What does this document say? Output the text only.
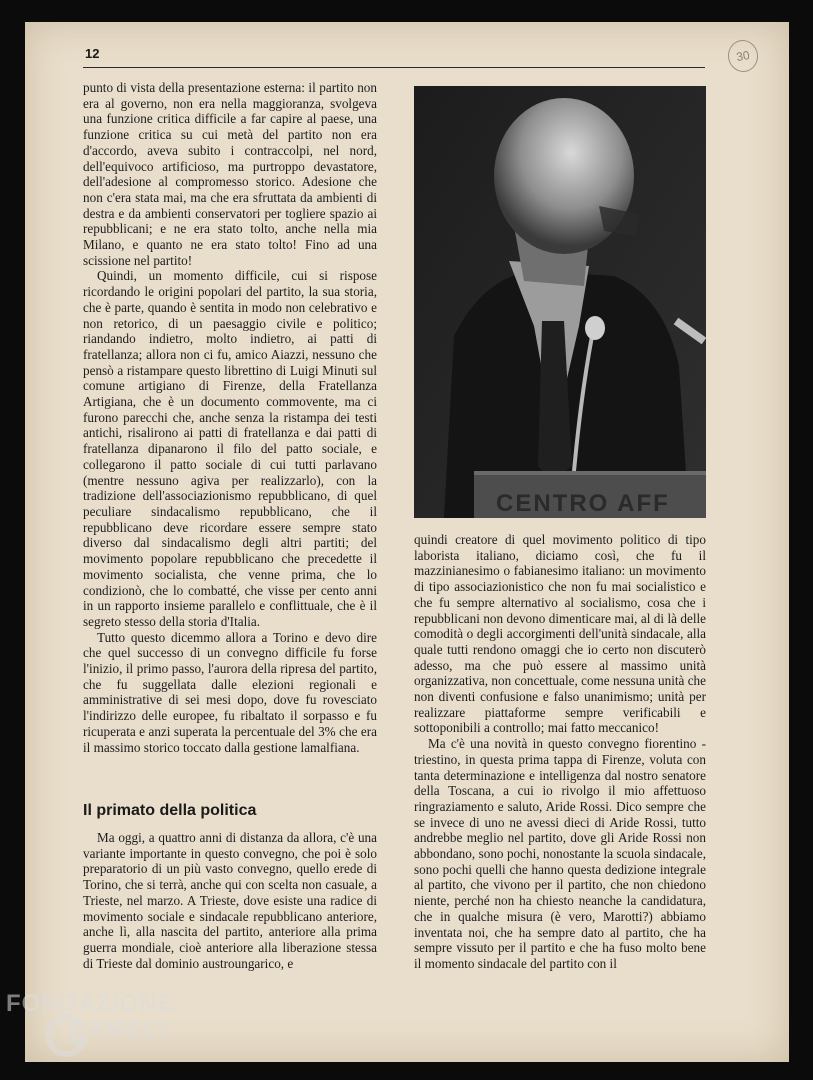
12	30

punto di vista della presentazione esterna: il partito non era al governo, non era nella maggioranza, svolgeva una funzione critica difficile a far capire al paese, una funzione critica su cui metà del partito non era d'accordo, aveva subito i contraccolpi, nel nord, dell'equivoco artificioso, ma purtroppo devastatore, dell'adesione al compromesso storico. Adesione che non c'era stata mai, ma che era sfruttata da ambienti di destra e da ambienti conservatori per togliere spazio ai repubblicani; e ne era stato tolto, anche nella mia Milano, e quanto ne era stato tolto! Fino ad una scissione nel partito!

Quindi, un momento difficile, cui si rispose ricordando le origini popolari del partito, la sua storia, che è parte, quando è sentita in modo non celebrativo e non retorico, di un paesaggio civile e politico; riandando indietro, molto indietro, ai patti di fratellanza; allora non ci fu, amico Aiazzi, nessuno che pensò a ristampare questo librettino di Luigi Minuti sul comune artigiano di Firenze, della Fratellanza Artigiana, che è un documento commovente, ma ci furono parecchi che, anche senza la ristampa dei testi antichi, risalirono ai patti di fratellanza e dai patti di fratellanza dipanarono il filo del patto sociale, e collegarono il patto sociale di cui tutti parlavano (mentre nessuno agiva per realizzarlo), con la tradizione dell'associazionismo repubblicano, di quel peculiare sindacalismo repubblicano, che il repubblicano deve ricordare essere sempre stato diverso dal sindacalismo degli altri partiti; del movimento popolare repubblicano che precedette il movimento socialista, che venne prima, che lo condizionò, che lo combatté, che visse per cento anni in un rapporto insieme parallelo e conflittuale, che è il segreto stesso della storia d'Italia.

Tutto questo dicemmo allora a Torino e devo dire che quel successo di un convegno difficile fu forse l'inizio, il primo passo, l'aurora della ripresa del partito, che fu suggellata dalle elezioni regionali e amministrative di sei mesi dopo, dove fu rovesciato l'indirizzo delle europee, fu ribaltato il sorpasso e fu ricuperata e anzi superata la percentuale del 3% che era il massimo storico toccato dalla gestione lamalfiana.

Il primato della politica

Ma oggi, a quattro anni di distanza da allora, c'è una variante importante in questo convegno, che poi è solo preparatorio di un più vasto convegno, quello erede di Torino, che si terrà, anche qui con scelta non casuale, a Trieste, nel marzo. A Trieste, dove esiste una radice di movimento sociale e sindacale repubblicano anteriore, anche lì, alla nascita del partito, anteriore alla prima guerra mondiale, cioè anteriore alla liberazione stessa di Trieste dal dominio austroungarico, e

CENTRO AFF

quindi creatore di quel movimento politico di tipo laborista italiano, diciamo così, che fu il mazzinianesimo o fabianesimo italiano: un movimento di tipo associazionistico che non fu mai socialistico e che fu sempre alternativo al socialismo, cosa che i repubblicani non devono dimenticare mai, al di là delle comodità o degli accorgimenti dell'unità sindacale, alla quale tutti rendono omaggi che io certo non discuterò adesso, ma che può essere al massimo unità organizzativa, non concettuale, come nessuna unità che non diventi confusione e falso unanimismo; unità per realizzare piattaforme sempre verificabili e sottoponibili a controllo; mai fatto meccanico!

Ma c'è una novità in questo convegno fiorentino - triestino, in questa prima tappa di Firenze, voluta con tanta determinazione e intelligenza dal nostro senatore della Toscana, a cui io rivolgo il mio affettuoso ringraziamento e saluto, Aride Rossi. Dico sempre che se invece di uno ne avessi dieci di Aride Rossi, tutto andrebbe meglio nel partito, dove gli Aride Rossi non abbondano, sono pochi, nonostante la scuola sindacale, sono pochi quelli che hanno questa dedizione integrale al partito, che vivono per il partito, che non chiedono niente, perché non ha chiesto neanche la candidatura, che in qualche misura (è vero, Marotti?) abbiamo inventata noi, che ha sempre dato al partito, che ha sempre vissuto per il partito e che ha fuso molto bene il momento sindacale del partito con il

FONDAZIONE
RAMSCI
